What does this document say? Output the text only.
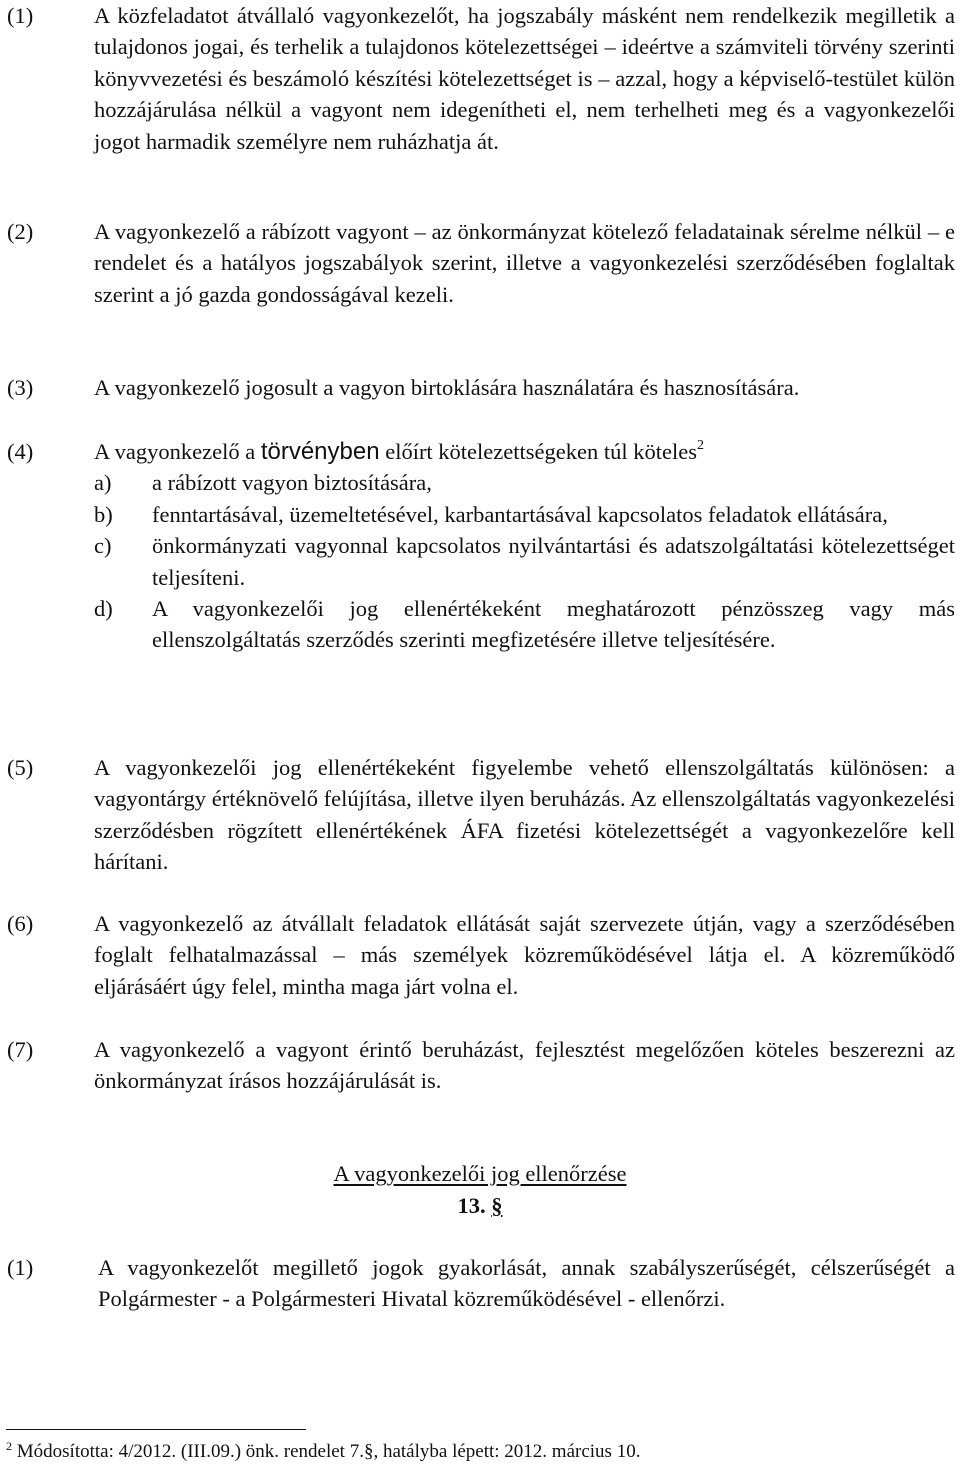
(1)	A közfeladatot átvállaló vagyonkezelőt, ha jogszabály másként nem rendelkezik megilletik a tulajdonos jogai, és terhelik a tulajdonos kötelezettségei – ideértve a számviteli törvény szerinti könyvvezetési és beszámoló készítési kötelezettséget is – azzal, hogy a képviselő-testület külön hozzájárulása nélkül a vagyont nem idegenítheti el, nem terhelheti meg és a vagyonkezelői jogot harmadik személyre nem ruházhatja át.
(2)	A vagyonkezelő a rábízott vagyont – az önkormányzat kötelező feladatainak sérelme nélkül – e rendelet és a hatályos jogszabályok szerint, illetve a vagyonkezelési szerződésében foglaltak szerint a jó gazda gondosságával kezeli.
(3)	A vagyonkezelő jogosult a vagyon birtoklására használatára és hasznosítására.
(4)	A vagyonkezelő a törvényben előírt kötelezettségeken túl köteles$^2$
a) a rábízott vagyon biztosítására,
b) fenntartásával, üzemeltetésével, karbantartásával kapcsolatos feladatok ellátására,
c) önkormányzati vagyonnal kapcsolatos nyilvántartási és adatszolgáltatási kötelezettséget teljesíteni.
d) A vagyonkezelői jog ellenértékeként meghatározott pénzösszeg vagy más ellenszolgáltatás szerződés szerinti megfizetésére illetve teljesítésére.
(5)	A vagyonkezelői jog ellenértékeként figyelembe vehető ellenszolgáltatás különösen: a vagyontárgy értéknövelő felújítása, illetve ilyen beruházás. Az ellenszolgáltatás vagyonkezelési szerződésben rögzített ellenértékének ÁFA fizetési kötelezettségét a vagyonkezelőre kell hárítani.
(6)	A vagyonkezelő az átvállalt feladatok ellátását saját szervezete útján, vagy a szerződésében foglalt felhatalmazással – más személyek közreműködésével látja el. A közreműködő eljárásáért úgy felel, mintha maga járt volna el.
(7)	A vagyonkezelő a vagyont érintő beruházást, fejlesztést megelőzően köteles beszerezni az önkormányzat írásos hozzájárulását is.
A vagyonkezelői jog ellenőrzése
13. §
(1)	A vagyonkezelőt megillető jogok gyakorlását, annak szabályszerűségét, célszerűségét a Polgármester - a Polgármesteri Hivatal közreműködésével - ellenőrzi.
$^2$ Módosította: 4/2012. (III.09.) önk. rendelet 7.§, hatályba lépett: 2012. március 10.
